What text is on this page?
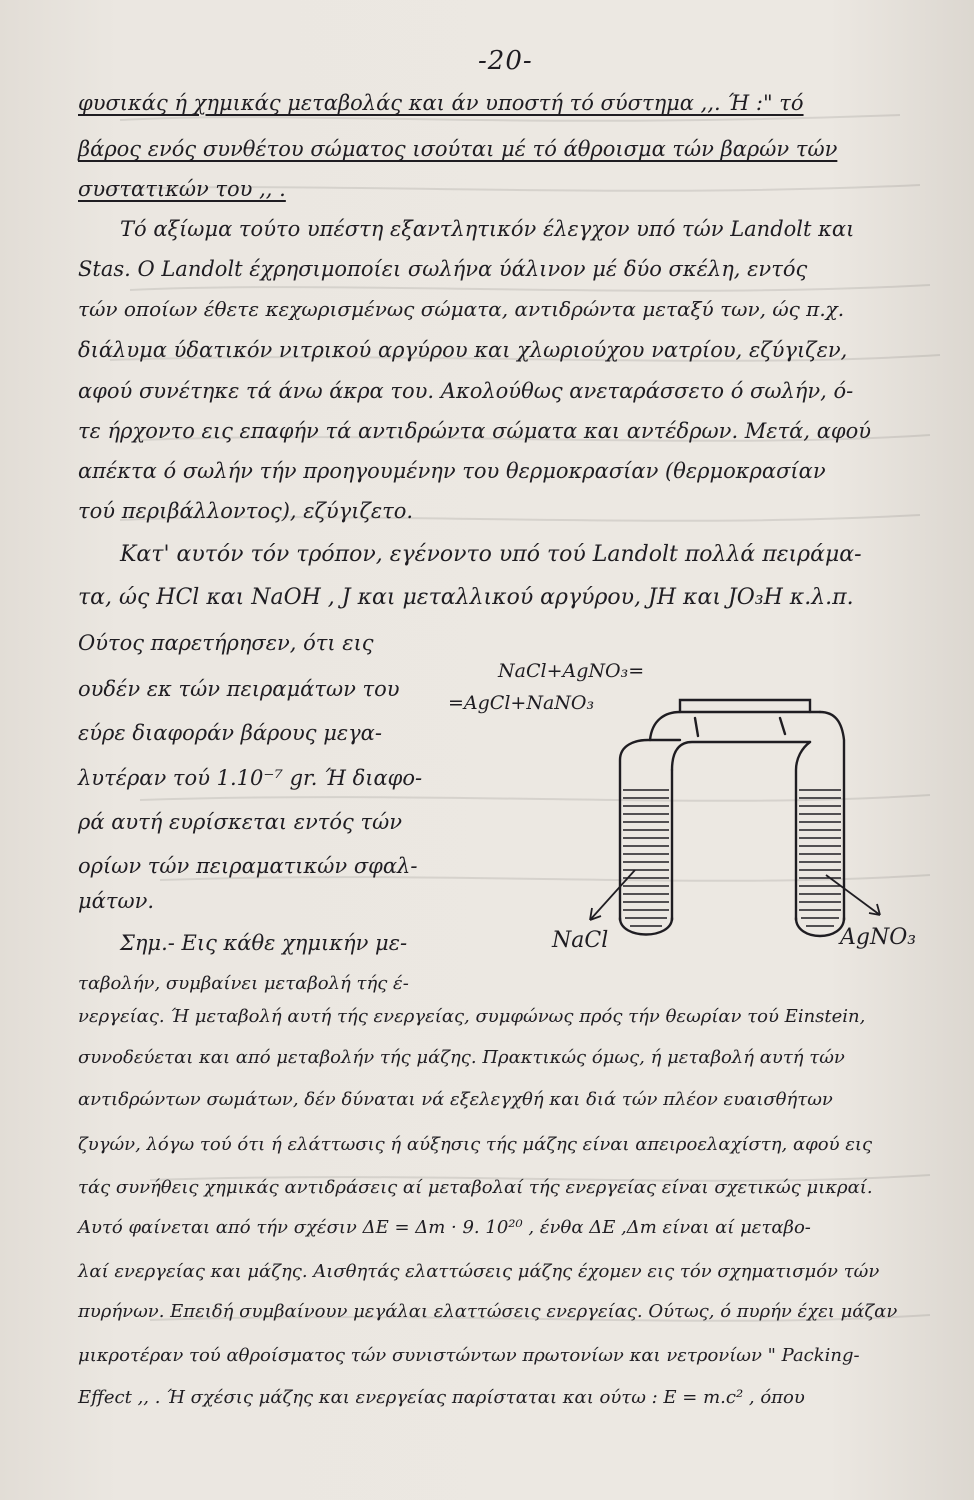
-20-
φυσικάς ή χημικάς μεταβολάς και άν υποστή τό σύστημα ,,. Ή :" τό
βάρος ενός συνθέτου σώματος ισούται μέ τό άθροισμα τών βαρών τών
συστατικών του ,, .
Τό αξίωμα τούτο υπέστη εξαντλητικόν έλεγχον υπό τών Landolt και
Stas. Ο Landolt έχρησιμοποίει σωλήνα ύάλινον μέ δύο σκέλη, εντός
τών οποίων έθετε κεχωρισμένως σώματα, αντιδρώντα μεταξύ των, ώς π.χ.
διάλυμα ύδατικόν νιτρικού αργύρου και χλωριούχου νατρίου, εζύγιζεν,
αφού συνέτηκε τά άνω άκρα του. Ακολούθως ανεταράσσετο ό σωλήν, ό-
τε ήρχοντο εις επαφήν τά αντιδρώντα σώματα και αντέδρων. Μετά, αφού
απέκτα ό σωλήν τήν προηγουμένην του θερμοκρασίαν (θερμοκρασίαν
τού περιβάλλοντος), εζύγιζετο.
Κατ' αυτόν τόν τρόπον, εγένοντο υπό τού Landolt πολλά πειράμα-
τα, ώς HCl και NaOH , J και μεταλλικού αργύρου, JH και JO₃H κ.λ.π.
Ούτος παρετήρησεν, ότι εις
ουδέν εκ τών πειραμάτων του
εύρε διαφοράν βάρους μεγα-
λυτέραν τού 1.10⁻⁷ gr. Ή διαφο-
ρά αυτή ευρίσκεται εντός τών
ορίων τών πειραματικών σφαλ-
μάτων.
Σημ.- Εις κάθε χημικήν με-
ταβολήν, συμβαίνει μεταβολή τής έ-
νεργείας. Ή μεταβολή αυτή τής ενεργείας, συμφώνως πρός τήν θεωρίαν τού Einstein,
συνοδεύεται και από μεταβολήν τής μάζης. Πρακτικώς όμως, ή μεταβολή αυτή τών
αντιδρώντων σωμάτων, δέν δύναται νά εξελεγχθή και διά τών πλέον ευαισθήτων
ζυγών, λόγω τού ότι ή ελάττωσις ή αύξησις τής μάζης είναι απειροελαχίστη, αφού εις
τάς συνήθεις χημικάς αντιδράσεις αί μεταβολαί τής ενεργείας είναι σχετικώς μικραί.
Αυτό φαίνεται από τήν σχέσιν ΔΕ = Δm · 9. 10²⁰ , ένθα ΔΕ ,Δm είναι αί μεταβο-
λαί ενεργείας και μάζης. Αισθητάς ελαττώσεις μάζης έχομεν εις τόν σχηματισμόν τών
πυρήνων. Επειδή συμβαίνουν μεγάλαι ελαττώσεις ενεργείας. Ούτως, ό πυρήν έχει μάζαν
μικροτέραν τού αθροίσματος τών συνιστώντων πρωτονίων και νετρονίων " Packing-
Effect ,, . Ή σχέσις μάζης και ενεργείας παρίσταται και ούτω : E = m.c² , όπου
NaCl+AgNO₃=
=AgCl+NaNO₃
NaCl	AgNO₃
